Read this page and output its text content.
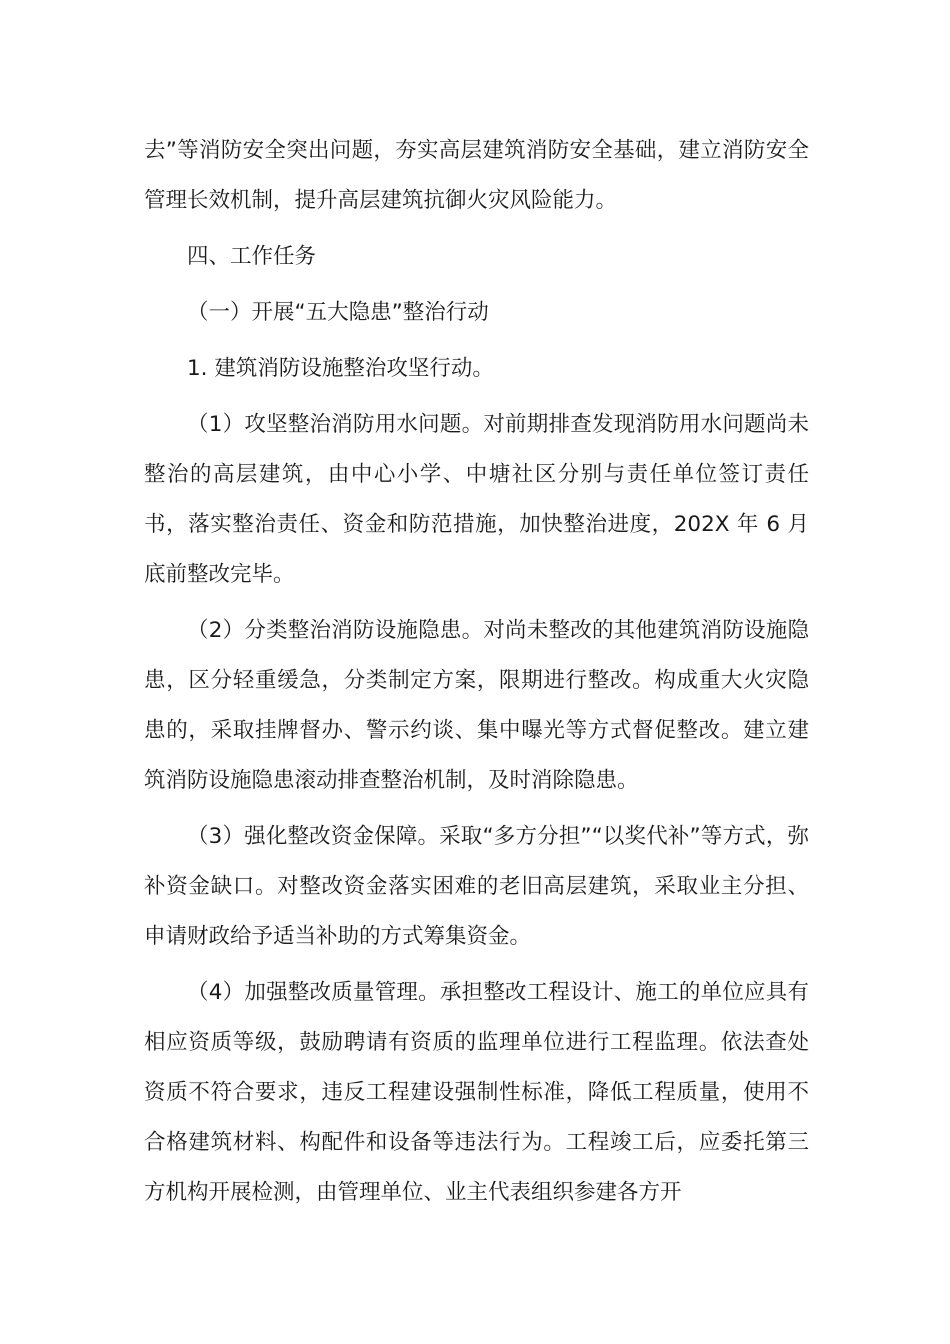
去”等消防安全突出问题，夯实高层建筑消防安全基础，建立消防安全管理长效机制，提升高层建筑抗御火灾风险能力。

四、工作任务

（一）开展“五大隐患”整治行动

1. 建筑消防设施整治攻坚行动。

（1）攻坚整治消防用水问题。对前期排查发现消防用水问题尚未整治的高层建筑，由中心小学、中塘社区分别与责任单位签订责任书，落实整治责任、资金和防范措施，加快整治进度，202X 年 6 月底前整改完毕。

（2）分类整治消防设施隐患。对尚未整改的其他建筑消防设施隐患，区分轻重缓急，分类制定方案，限期进行整改。构成重大火灾隐患的，采取挂牌督办、警示约谈、集中曝光等方式督促整改。建立建筑消防设施隐患滚动排查整治机制，及时消除隐患。

（3）强化整改资金保障。采取“多方分担”“以奖代补”等方式，弥补资金缺口。对整改资金落实困难的老旧高层建筑，采取业主分担、申请财政给予适当补助的方式筹集资金。

（4）加强整改质量管理。承担整改工程设计、施工的单位应具有相应资质等级，鼓励聘请有资质的监理单位进行工程监理。依法查处资质不符合要求，违反工程建设强制性标准，降低工程质量，使用不合格建筑材料、构配件和设备等违法行为。工程竣工后，应委托第三方机构开展检测，由管理单位、业主代表组织参建各方开
